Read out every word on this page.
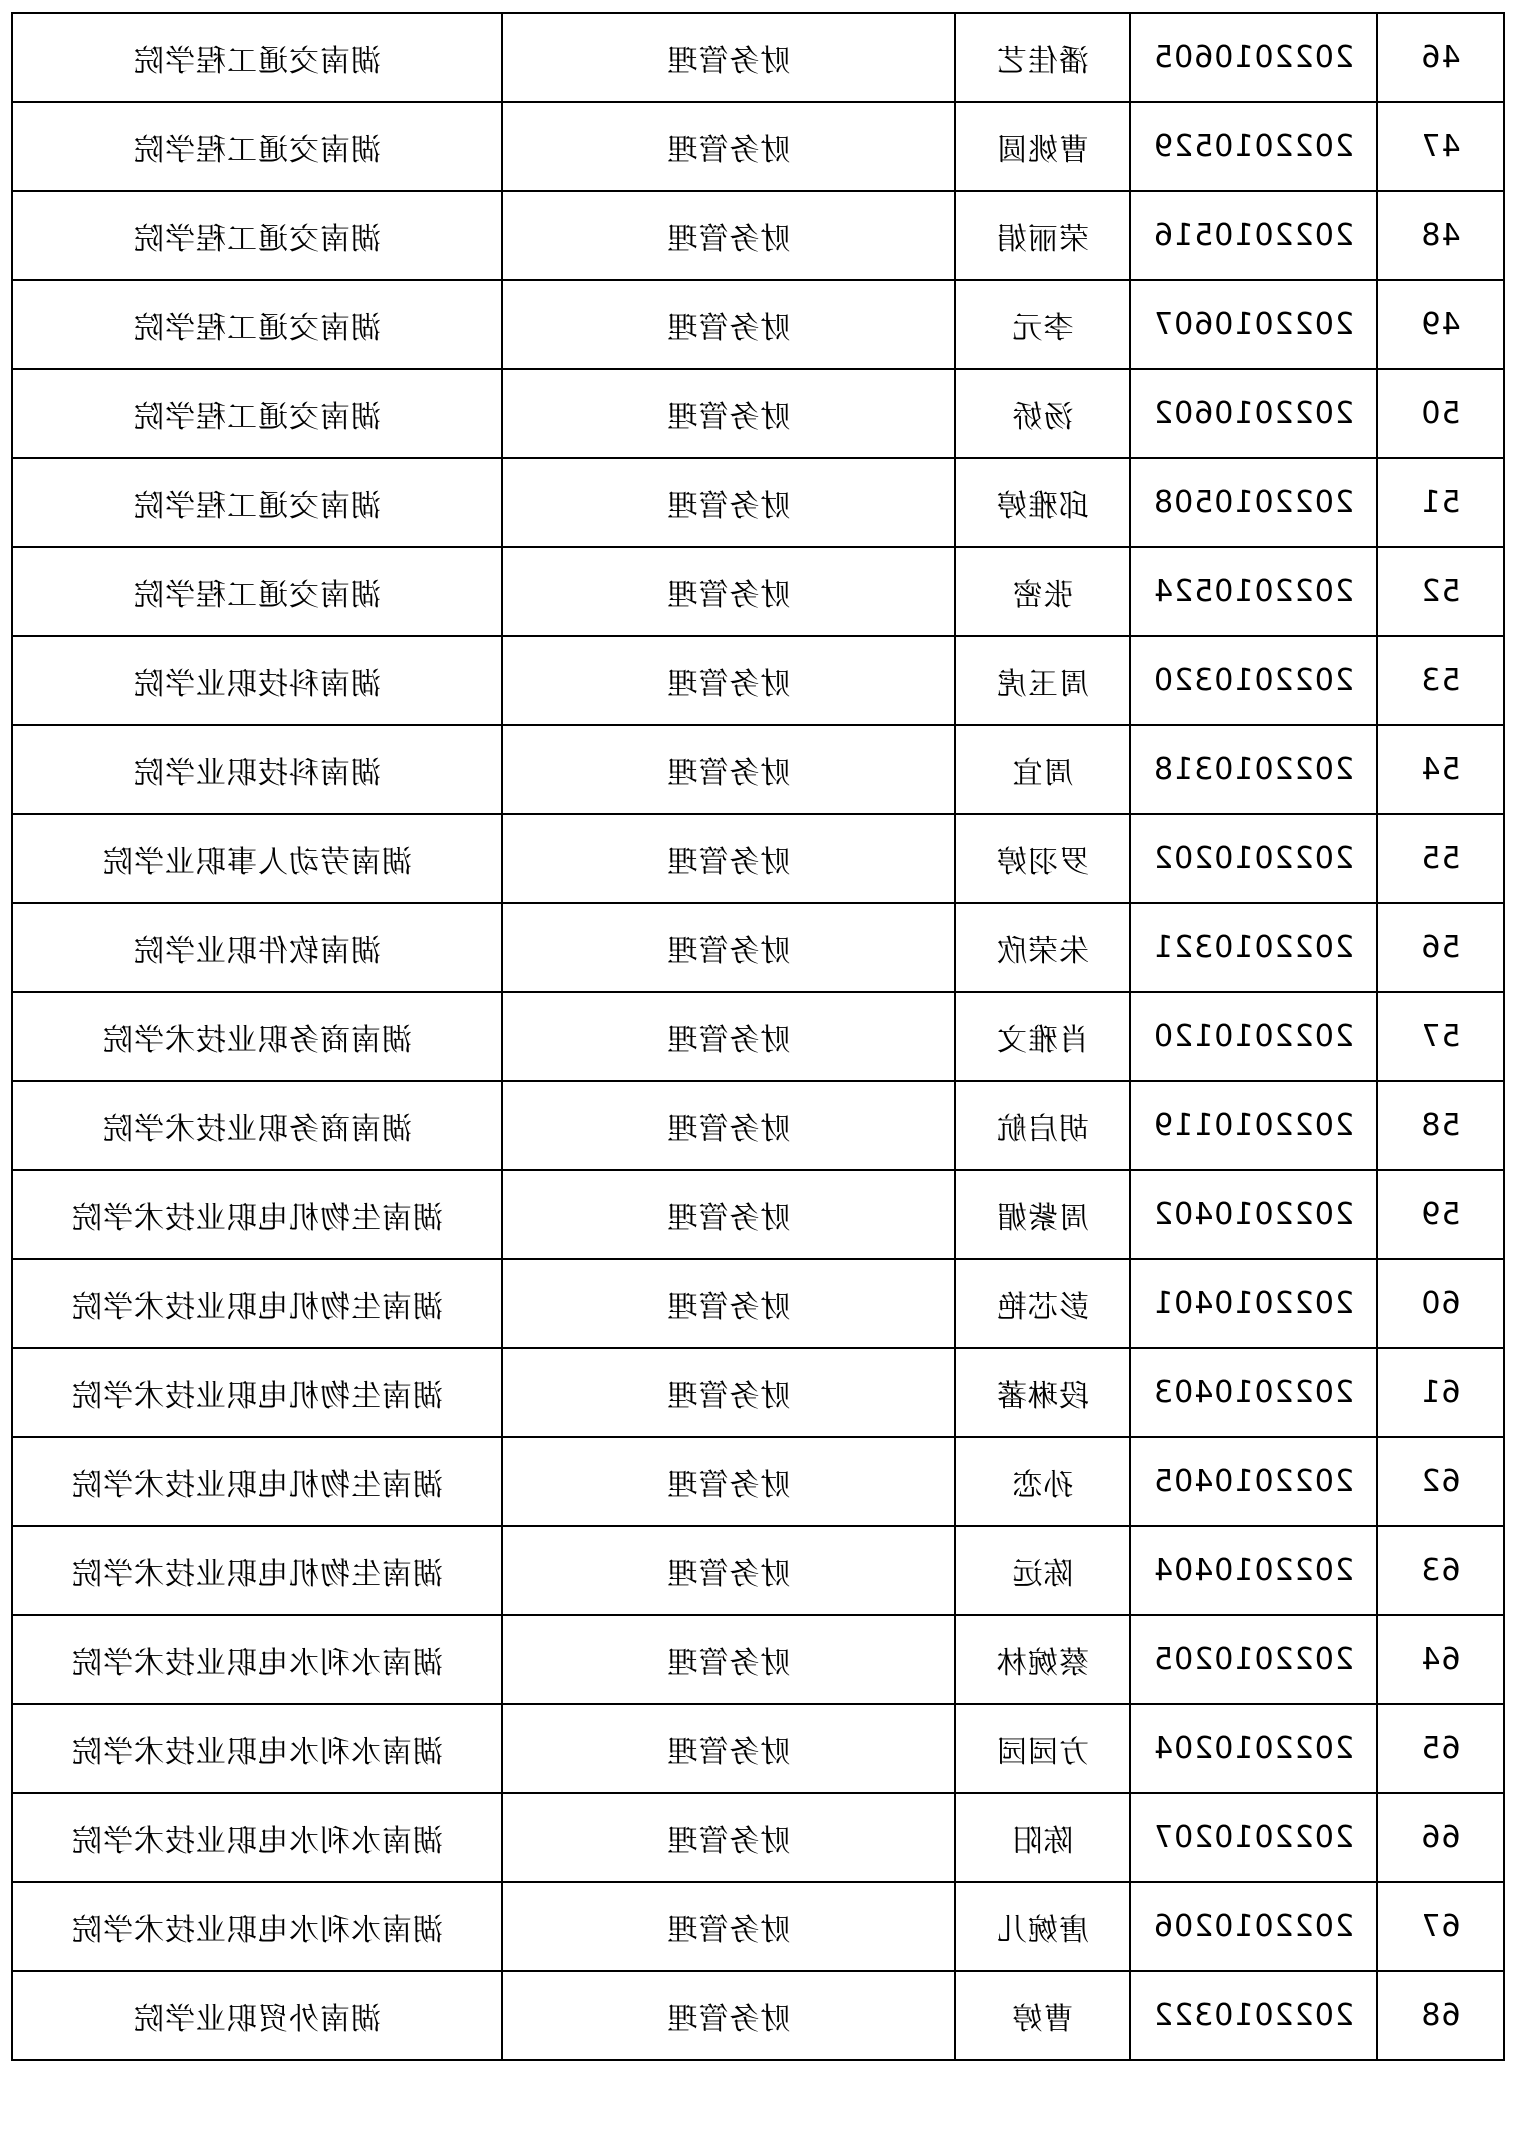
46	2022010605	潘佳艺	财务管理	湖南交通工程学院
47	2022010529	曹姚圆	财务管理	湖南交通工程学院
48	2022010516	荣丽娟	财务管理	湖南交通工程学院
49	2022010607	李元	财务管理	湖南交通工程学院
50	2022010602	汤娇	财务管理	湖南交通工程学院
51	2022010508	邱雅婷	财务管理	湖南交通工程学院
52	2022010524	张密	财务管理	湖南交通工程学院
53	2022010320	周玉虎	财务管理	湖南科技职业学院
54	2022010318	周宜	财务管理	湖南科技职业学院
55	2022010202	罗羽婷	财务管理	湖南劳动人事职业学院
56	2022010321	朱荣欣	财务管理	湖南软件职业学院
57	2022010120	肖雅文	财务管理	湖南商务职业技术学院
58	2022010119	胡启航	财务管理	湖南商务职业技术学院
59	2022010402	周紫媚	财务管理	湖南生物机电职业技术学院
60	2022010401	彭芯艳	财务管理	湖南生物机电职业技术学院
61	2022010403	段琳蕃	财务管理	湖南生物机电职业技术学院
62	2022010405	孙恋	财务管理	湖南生物机电职业技术学院
63	2022010404	陈远	财务管理	湖南生物机电职业技术学院
64	2022010205	蔡婉林	财务管理	湖南水利水电职业技术学院
65	2022010204	方园园	财务管理	湖南水利水电职业技术学院
66	2022010207	陈阳	财务管理	湖南水利水电职业技术学院
67	2022010206	唐婉儿	财务管理	湖南水利水电职业技术学院
68	2022010322	曹婷	财务管理	湖南外贸职业学院
